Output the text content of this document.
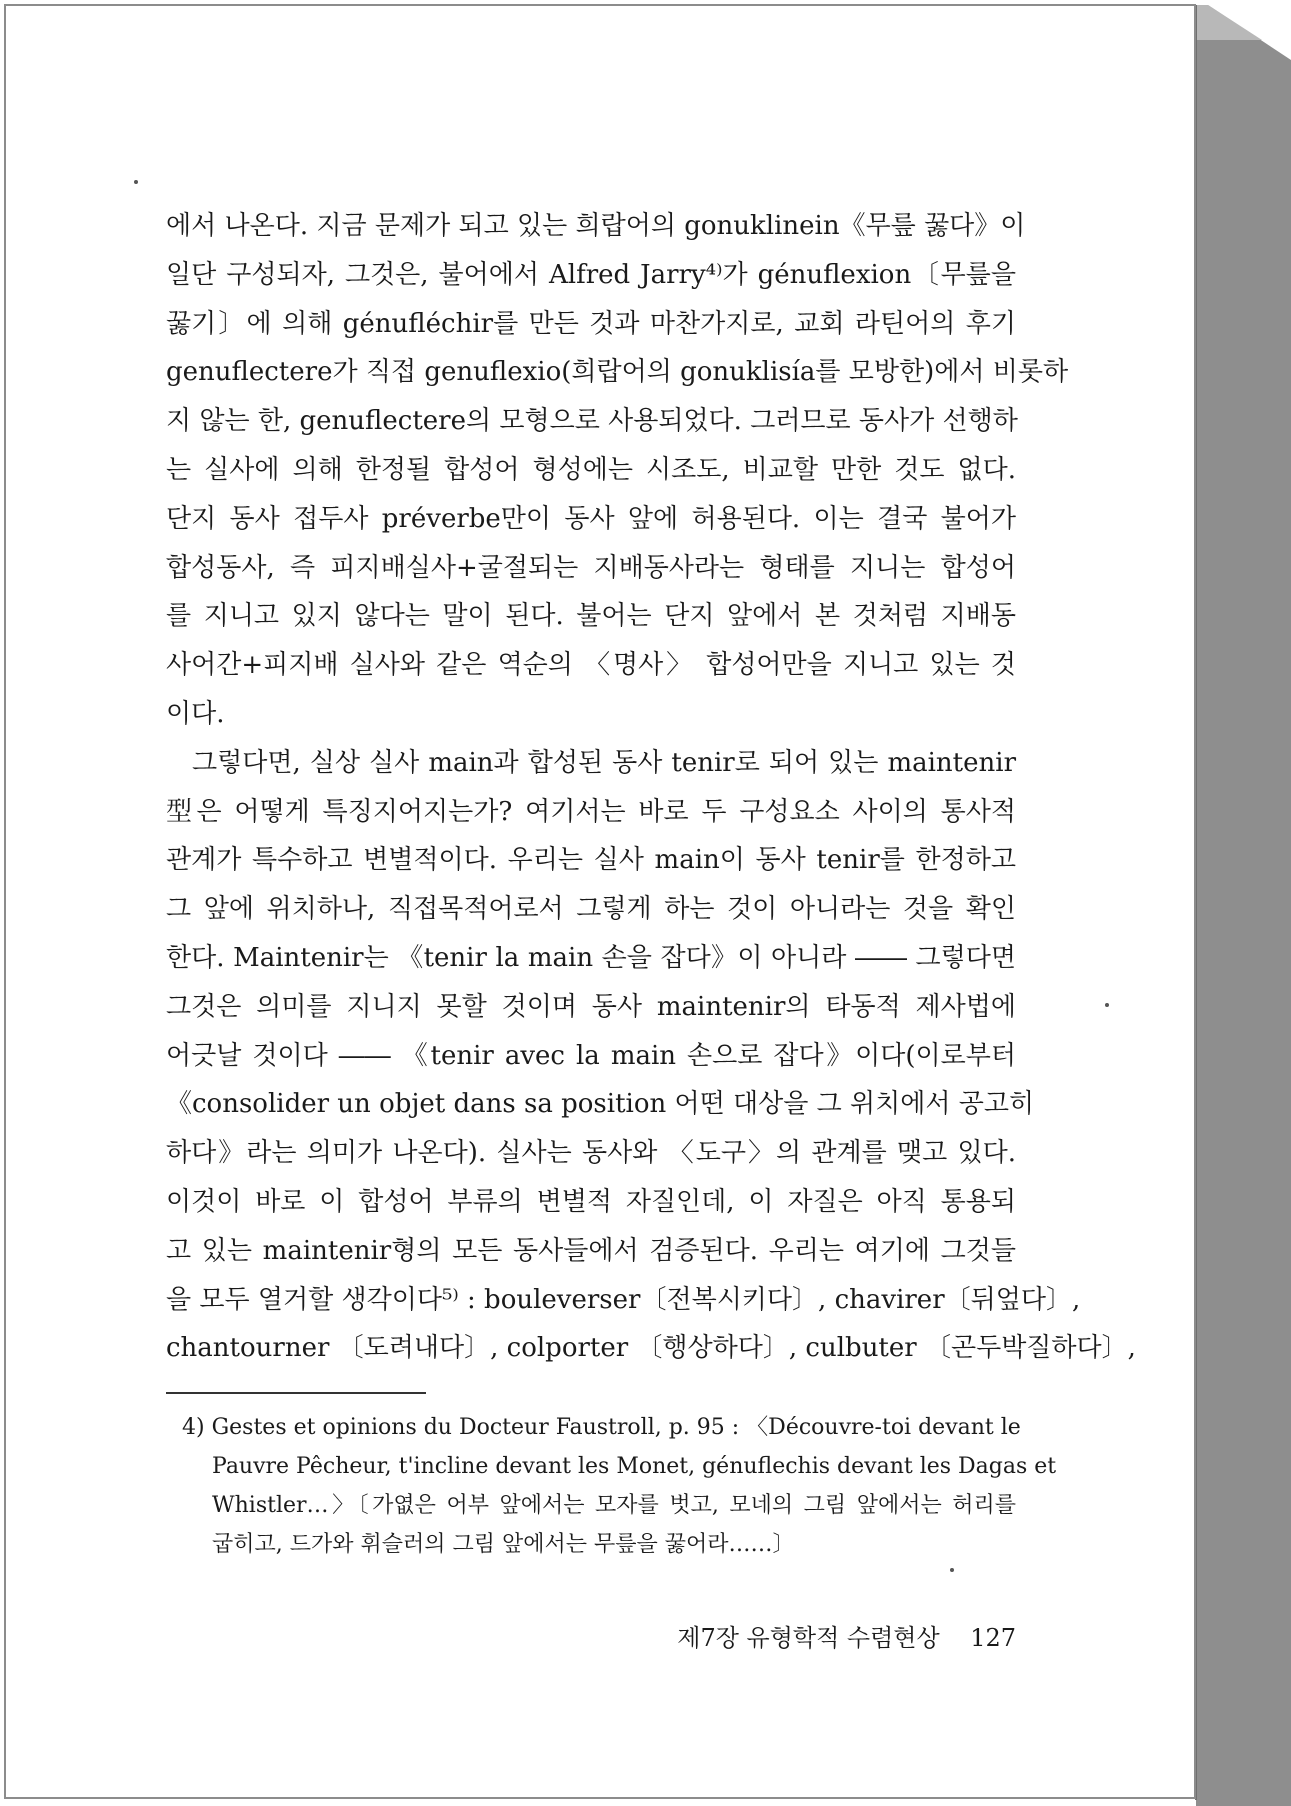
에서 나온다. 지금 문제가 되고 있는 희랍어의 gonuklinein《무릎 꿇다》이
일단 구성되자, 그것은, 불어에서 Alfred Jarry⁴⁾가 génuflexion〔무릎을
꿇기〕에 의해 génufléchir를 만든 것과 마찬가지로, 교회 라틴어의 후기
genuflectere가 직접 genuflexio(희랍어의 gonuklisía를 모방한)에서 비롯하
지 않는 한, genuflectere의 모형으로 사용되었다. 그러므로 동사가 선행하
는 실사에 의해 한정될 합성어 형성에는 시조도, 비교할 만한 것도 없다.
단지 동사 접두사 préverbe만이 동사 앞에 허용된다. 이는 결국 불어가
합성동사, 즉 피지배실사+굴절되는 지배동사라는 형태를 지니는 합성어
를 지니고 있지 않다는 말이 된다. 불어는 단지 앞에서 본 것처럼 지배동
사어간+피지배 실사와 같은 역순의 〈명사〉 합성어만을 지니고 있는 것
이다.
그렇다면, 실상 실사 main과 합성된 동사 tenir로 되어 있는 maintenir
型은 어떻게 특징지어지는가? 여기서는 바로 두 구성요소 사이의 통사적
관계가 특수하고 변별적이다. 우리는 실사 main이 동사 tenir를 한정하고
그 앞에 위치하나, 직접목적어로서 그렇게 하는 것이 아니라는 것을 확인
한다. Maintenir는 《tenir la main 손을 잡다》이 아니라 ―― 그렇다면
그것은 의미를 지니지 못할 것이며 동사 maintenir의 타동적 제사법에
어긋날 것이다 ―― 《tenir avec la main 손으로 잡다》이다(이로부터
《consolider un objet dans sa position 어떤 대상을 그 위치에서 공고히
하다》라는 의미가 나온다). 실사는 동사와 〈도구〉의 관계를 맺고 있다.
이것이 바로 이 합성어 부류의 변별적 자질인데, 이 자질은 아직 통용되
고 있는 maintenir형의 모든 동사들에서 검증된다. 우리는 여기에 그것들
을 모두 열거할 생각이다⁵⁾ : bouleverser〔전복시키다〕, chavirer〔뒤엎다〕,
chantourner 〔도려내다〕, colporter 〔행상하다〕, culbuter 〔곤두박질하다〕,
4) Gestes et opinions du Docteur Faustroll, p. 95 : 〈Découvre-toi devant le
Pauvre Pêcheur, t'incline devant les Monet, génuflechis devant les Dagas et
Whistler…〉〔가엾은 어부 앞에서는 모자를 벗고, 모네의 그림 앞에서는 허리를
굽히고, 드가와 휘슬러의 그림 앞에서는 무릎을 꿇어라……〕
제7장 유형학적 수렴현상 127
